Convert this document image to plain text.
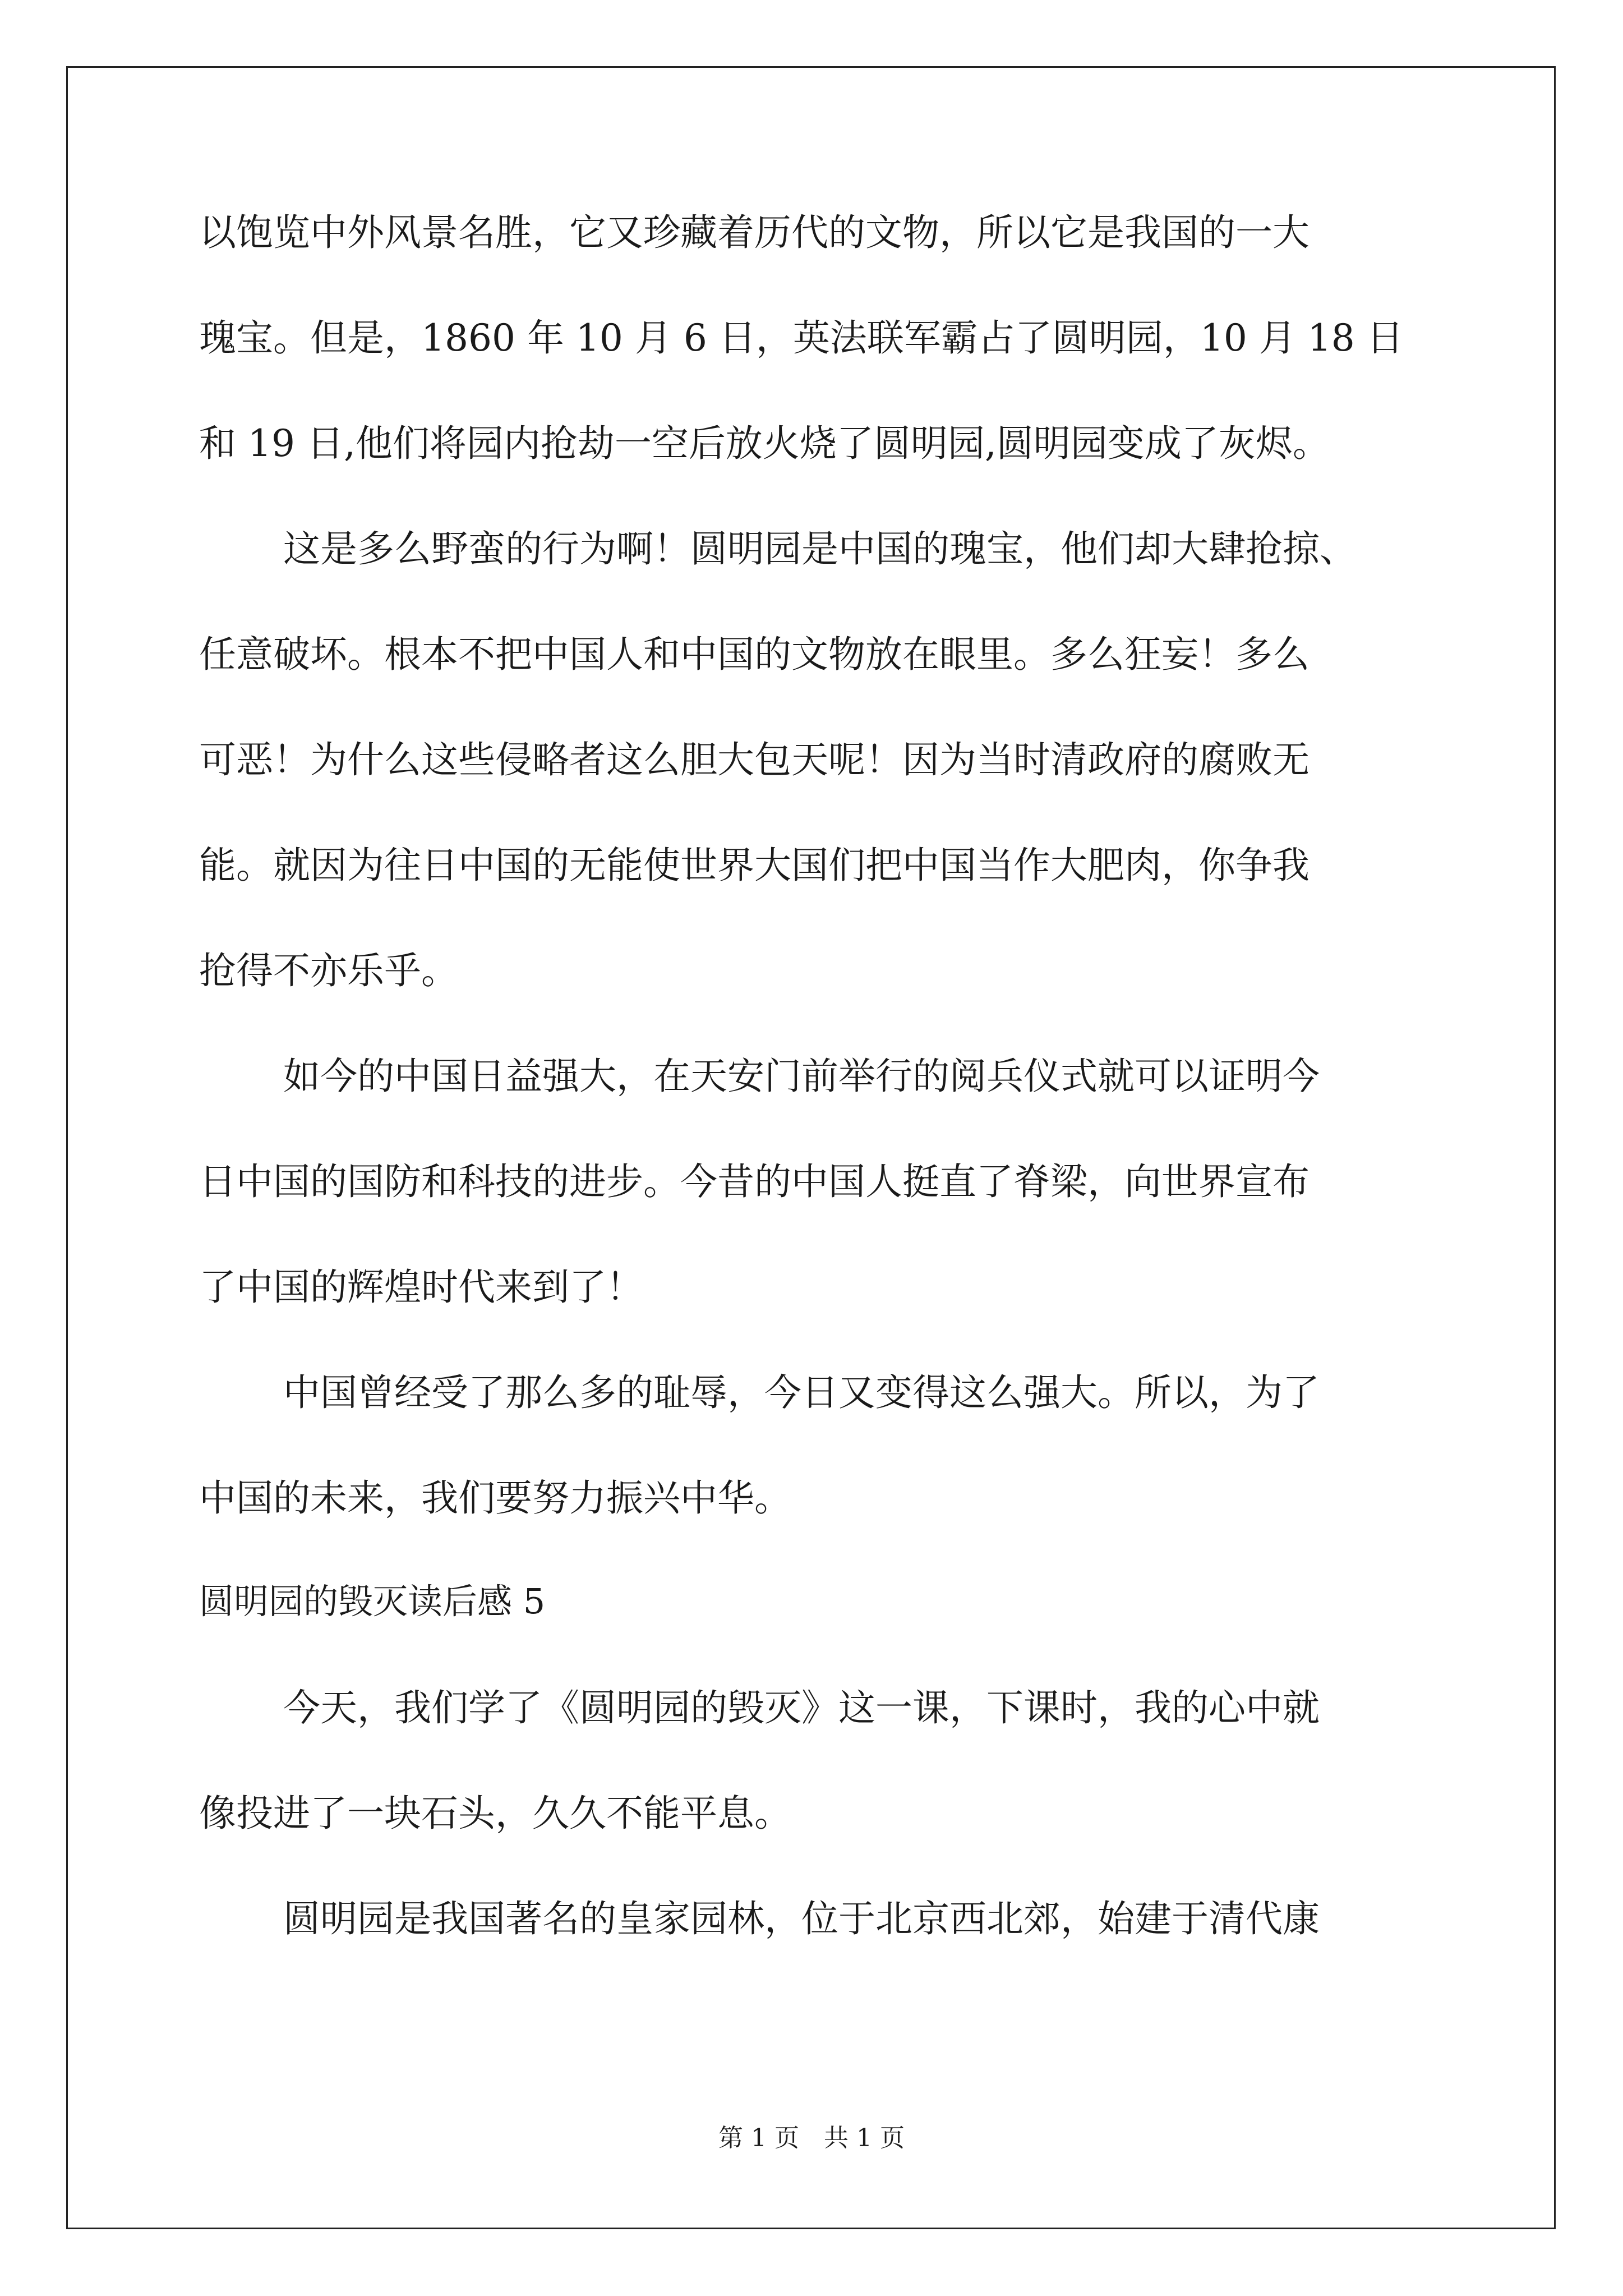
以饱览中外风景名胜，它又珍藏着历代的文物，所以它是我国的一大
瑰宝。但是，1860 年 10 月 6 日，英法联军霸占了圆明园，10 月 18 日
和 19 日,他们将园内抢劫一空后放火烧了圆明园,圆明园变成了灰烬。
这是多么野蛮的行为啊！圆明园是中国的瑰宝，他们却大肆抢掠、
任意破坏。根本不把中国人和中国的文物放在眼里。多么狂妄！多么
可恶！为什么这些侵略者这么胆大包天呢！因为当时清政府的腐败无
能。就因为往日中国的无能使世界大国们把中国当作大肥肉，你争我
抢得不亦乐乎。
如今的中国日益强大，在天安门前举行的阅兵仪式就可以证明今
日中国的国防和科技的进步。今昔的中国人挺直了脊梁，向世界宣布
了中国的辉煌时代来到了！
中国曾经受了那么多的耻辱，今日又变得这么强大。所以，为了
中国的未来，我们要努力振兴中华。
圆明园的毁灭读后感 5
今天，我们学了《圆明园的毁灭》这一课，下课时，我的心中就
像投进了一块石头，久久不能平息。
圆明园是我国著名的皇家园林，位于北京西北郊，始建于清代康
第 1 页　共 1 页
